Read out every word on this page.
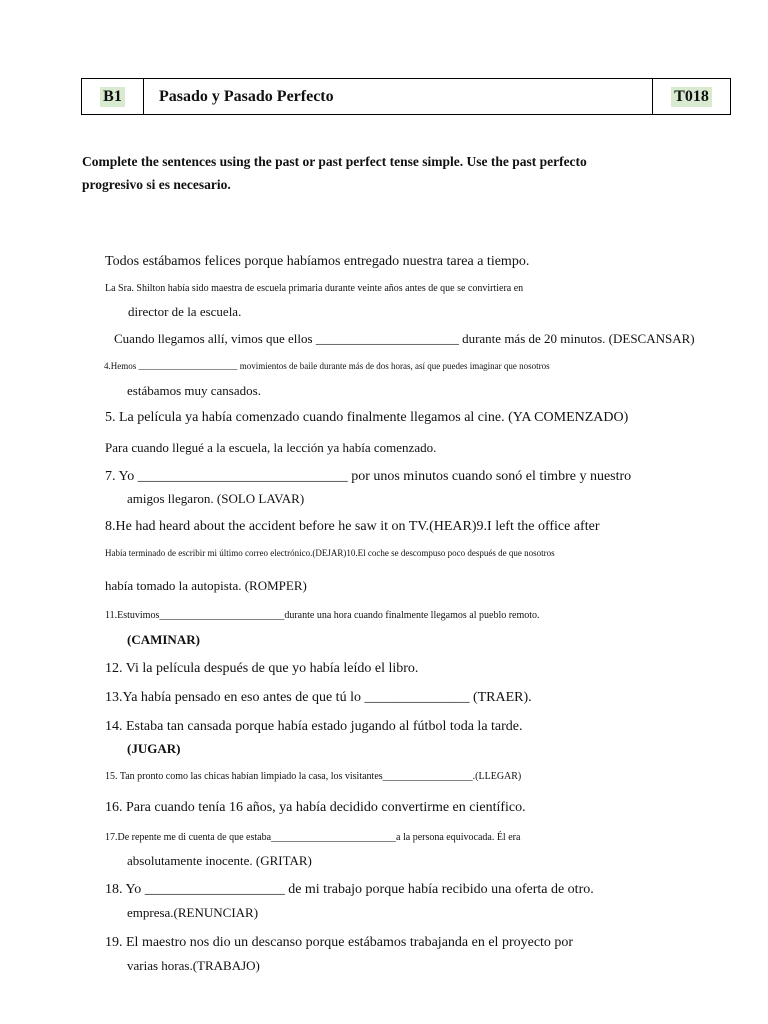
B1	Pasado y Pasado Perfecto	T018

Complete the sentences using the past or past perfect tense simple. Use the past perfecto progresivo si es necesario.

Todos estábamos felices porque habíamos entregado nuestra tarea a tiempo.

La Sra. Shilton había sido maestra de escuela primaria durante veinte años antes de que se convirtiera en

director de la escuela.

Cuando llegamos allí, vimos que ellos ______________________ durante más de 20 minutos. (DESCANSAR)

4.Hemos ______________________ movimientos de baile durante más de dos horas, así que puedes imaginar que nosotros

estábamos muy cansados.

5. La película ya había comenzado cuando finalmente llegamos al cine. (YA COMENZADO)

Para cuando llegué a la escuela, la lección ya había comenzado.

7. Yo ______________________________ por unos minutos cuando sonó el timbre y nuestro

amigos llegaron. (SOLO LAVAR)

8.He had heard about the accident before he saw it on TV.(HEAR)9.I left the office after

Había terminado de escribir mi último correo electrónico.(DEJAR)10.El coche se descompuso poco después de que nosotros

había tomado la autopista. (ROMPER)

11.Estuvimos_________________________durante una hora cuando finalmente llegamos al pueblo remoto.

(CAMINAR)

12. Vi la película después de que yo había leído el libro.

13.Ya había pensado en eso antes de que tú lo _______________ (TRAER).

14. Estaba tan cansada porque había estado jugando al fútbol toda la tarde.

(JUGAR)

15. Tan pronto como las chicas habían limpiado la casa, los visitantes__________________.(LLEGAR)

16. Para cuando tenía 16 años, ya había decidido convertirme en científico.

17.De repente me di cuenta de que estaba_________________________a la persona equivocada. Él era

absolutamente inocente. (GRITAR)

18. Yo ____________________ de mi trabajo porque había recibido una oferta de otro.

empresa.(RENUNCIAR)

19. El maestro nos dio un descanso porque estábamos trabajanda en el proyecto por

varias horas.(TRABAJO)
